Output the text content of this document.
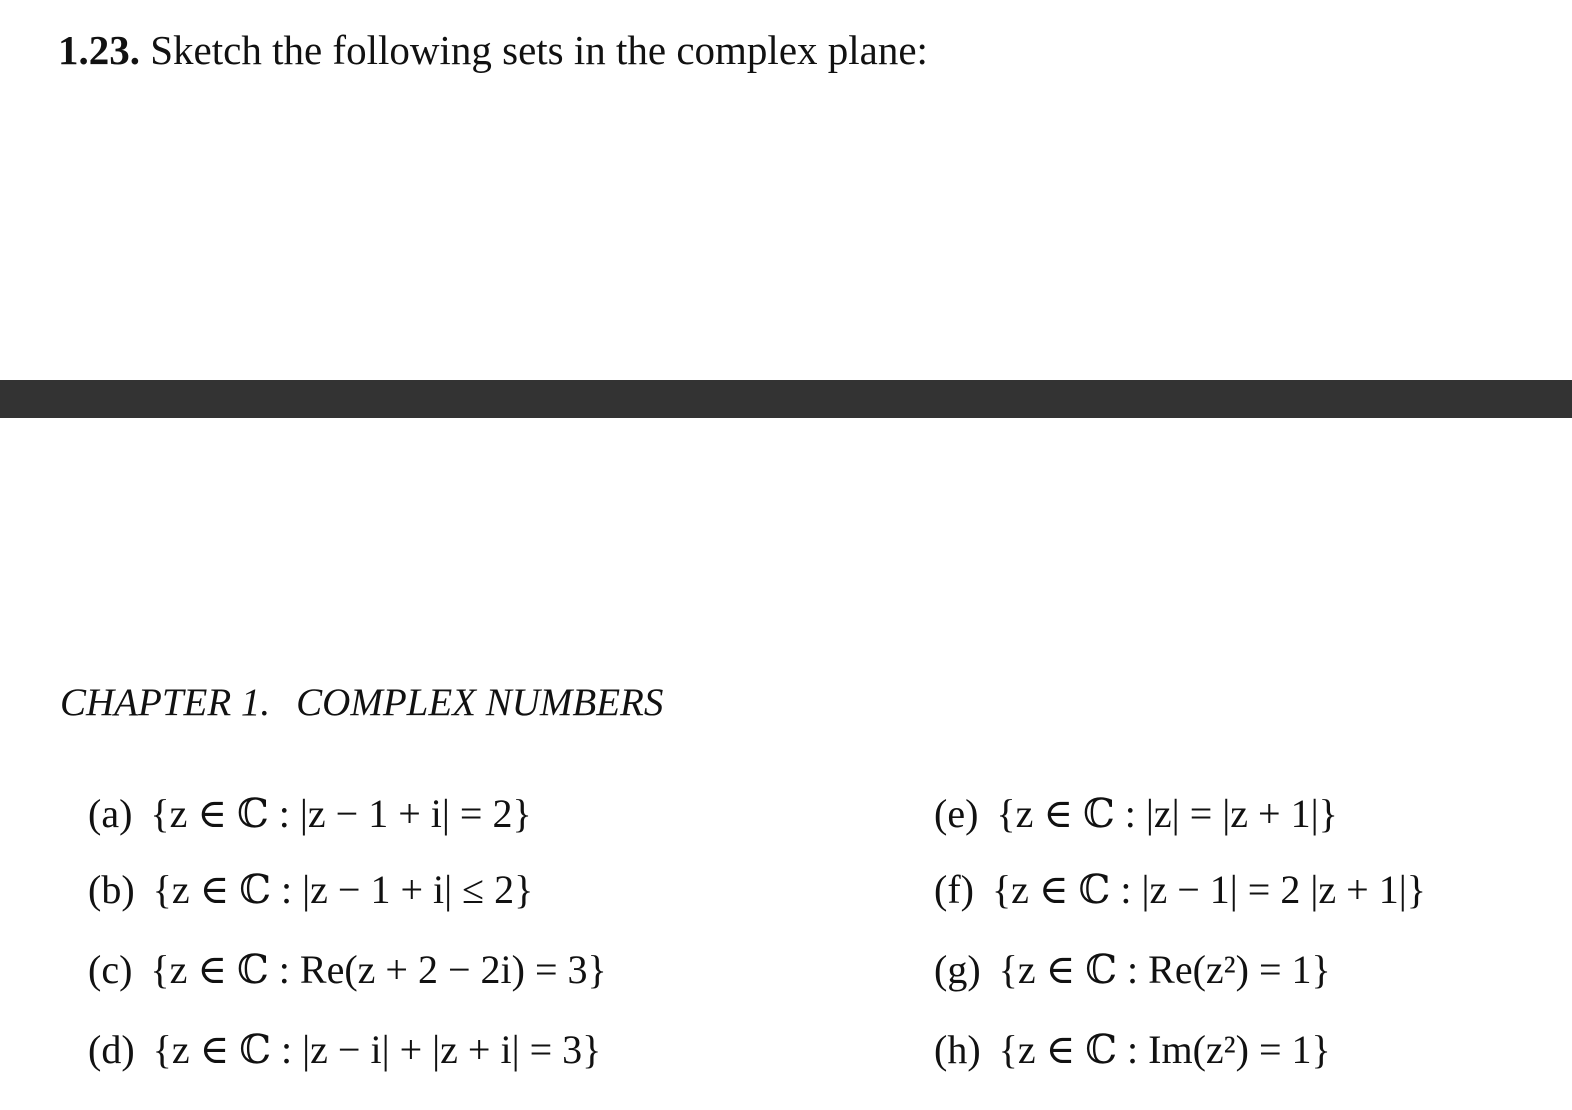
1.23. Sketch the following sets in the complex plane:
CHAPTER 1. COMPLEX NUMBERS
(a) {z ∈ ℂ : |z − 1 + i| = 2}
(b) {z ∈ ℂ : |z − 1 + i| ≤ 2}
(c) {z ∈ ℂ : Re(z + 2 − 2i) = 3}
(d) {z ∈ ℂ : |z − i| + |z + i| = 3}
(e) {z ∈ ℂ : |z| = |z + 1|}
(f) {z ∈ ℂ : |z − 1| = 2 |z + 1|}
(g) {z ∈ ℂ : Re(z²) = 1}
(h) {z ∈ ℂ : Im(z²) = 1}
